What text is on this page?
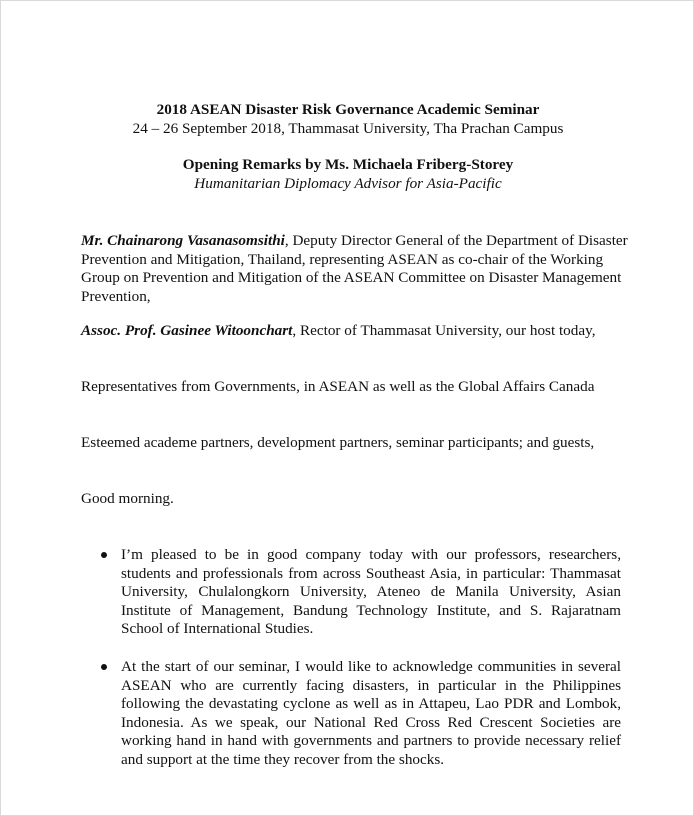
2018 ASEAN Disaster Risk Governance Academic Seminar
24 – 26 September 2018, Thammasat University, Tha Prachan Campus
Opening Remarks by Ms. Michaela Friberg-Storey
Humanitarian Diplomacy Advisor for Asia-Pacific
Mr. Chainarong Vasanasomsithi, Deputy Director General of the Department of Disaster Prevention and Mitigation, Thailand, representing ASEAN as co-chair of the Working Group on Prevention and Mitigation of the ASEAN Committee on Disaster Management Prevention,
Assoc. Prof. Gasinee Witoonchart, Rector of Thammasat University, our host today,
Representatives from Governments, in ASEAN as well as the Global Affairs Canada
Esteemed academe partners, development partners, seminar participants; and guests,
Good morning.
I’m pleased to be in good company today with our professors, researchers, students and professionals from across Southeast Asia, in particular: Thammasat University, Chulalongkorn University, Ateneo de Manila University, Asian Institute of Management, Bandung Technology Institute, and S. Rajaratnam School of International Studies.
At the start of our seminar, I would like to acknowledge communities in several ASEAN who are currently facing disasters, in particular in the Philippines following the devastating cyclone as well as in Attapeu, Lao PDR and Lombok, Indonesia. As we speak, our National Red Cross Red Crescent Societies are working hand in hand with governments and partners to provide necessary relief and support at the time they recover from the shocks.
